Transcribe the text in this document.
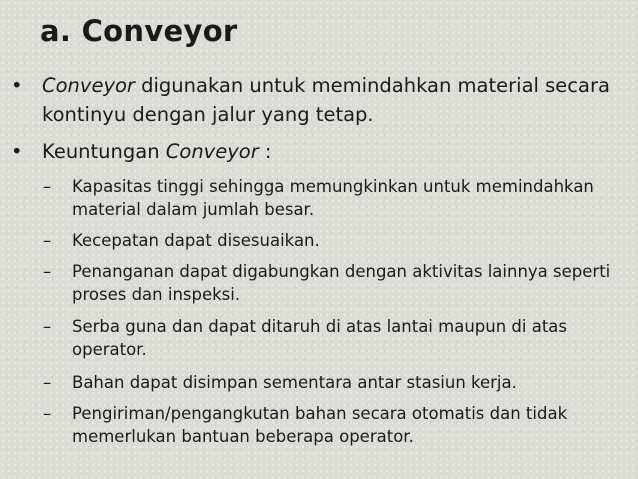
a. Conveyor
• Conveyor digunakan untuk memindahkan material secara kontinyu dengan jalur yang tetap.
• Keuntungan Conveyor :
– Kapasitas tinggi sehingga memungkinkan untuk memindahkan material dalam jumlah besar.
– Kecepatan dapat disesuaikan.
– Penanganan dapat digabungkan dengan aktivitas lainnya seperti proses dan inspeksi.
– Serba guna dan dapat ditaruh di atas lantai maupun di atas operator.
– Bahan dapat disimpan sementara antar stasiun kerja.
– Pengiriman/pengangkutan bahan secara otomatis dan tidak memerlukan bantuan beberapa operator.
